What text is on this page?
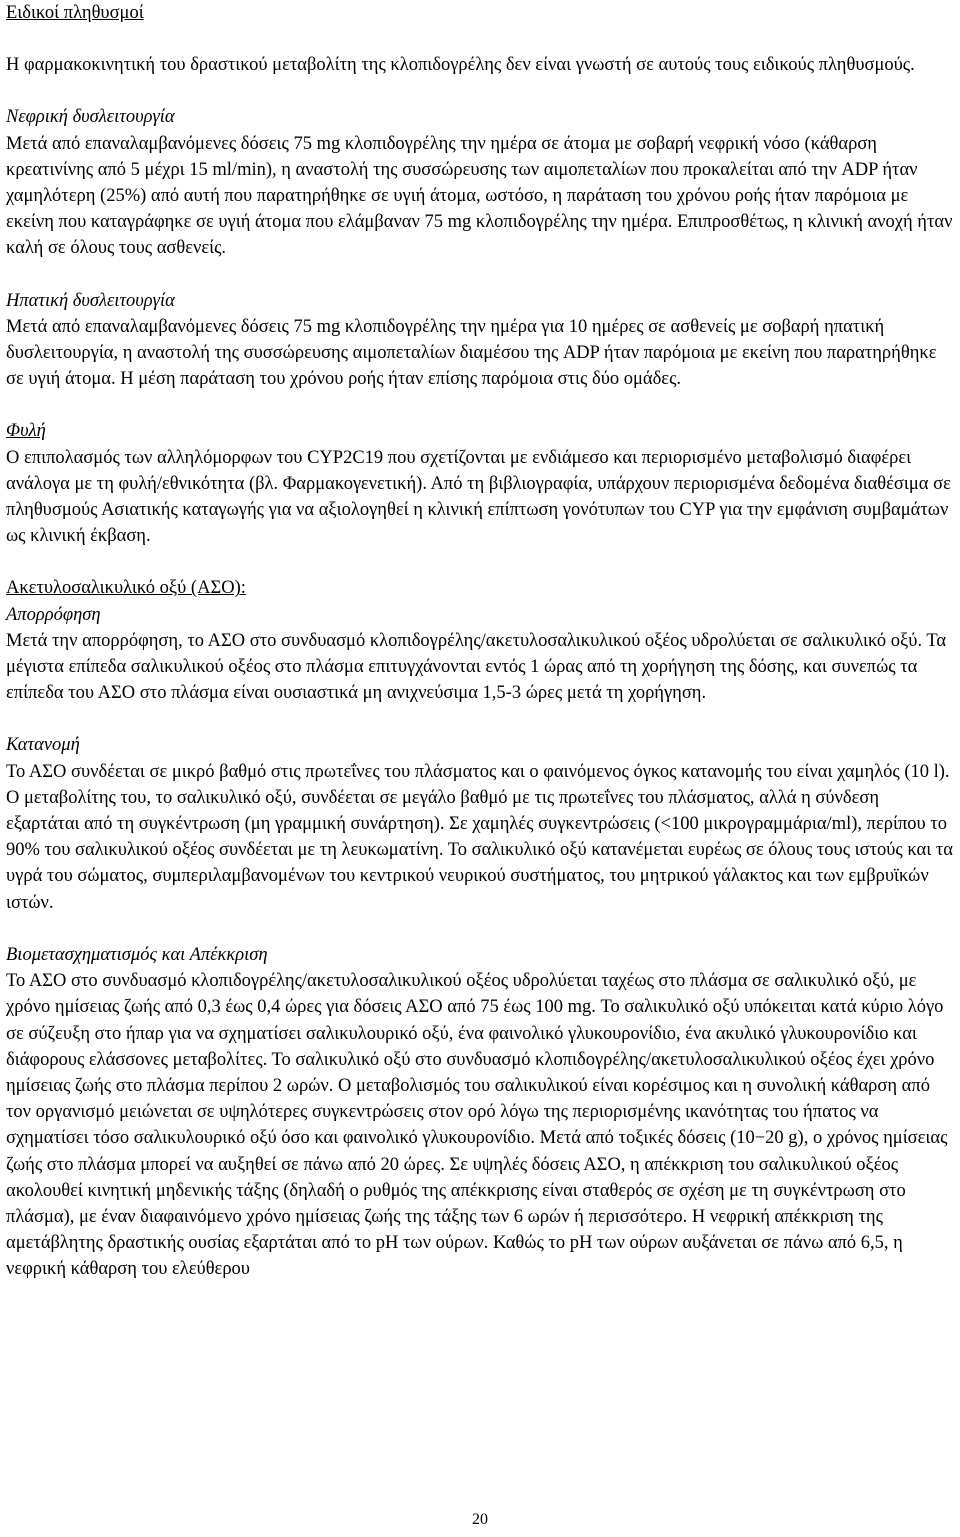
Ειδικοί πληθυσμοί
Η φαρμακοκινητική του δραστικού μεταβολίτη της κλοπιδογρέλης δεν είναι γνωστή σε αυτούς τους ειδικούς πληθυσμούς.
Νεφρική δυσλειτουργία
Μετά από επαναλαμβανόμενες δόσεις 75 mg κλοπιδογρέλης την ημέρα σε άτομα με σοβαρή νεφρική νόσο (κάθαρση κρεατινίνης από 5 μέχρι 15 ml/min), η αναστολή της συσσώρευσης των αιμοπεταλίων που προκαλείται από την ADP ήταν χαμηλότερη (25%) από αυτή που παρατηρήθηκε σε υγιή άτομα, ωστόσο, η παράταση του χρόνου ροής ήταν παρόμοια με εκείνη που καταγράφηκε σε υγιή άτομα που ελάμβαναν 75 mg κλοπιδογρέλης την ημέρα. Επιπροσθέτως, η κλινική ανοχή ήταν καλή σε όλους τους ασθενείς.
Ηπατική δυσλειτουργία
Μετά από επαναλαμβανόμενες δόσεις 75 mg κλοπιδογρέλης την ημέρα για 10 ημέρες σε ασθενείς με σοβαρή ηπατική δυσλειτουργία, η αναστολή της συσσώρευσης αιμοπεταλίων διαμέσου της ADP ήταν παρόμοια με εκείνη που παρατηρήθηκε σε υγιή άτομα. Η μέση παράταση του χρόνου ροής ήταν επίσης παρόμοια στις δύο ομάδες.
Φυλή
Ο επιπολασμός των αλληλόμορφων του CYP2C19 που σχετίζονται με ενδιάμεσο και περιορισμένο μεταβολισμό διαφέρει ανάλογα με τη φυλή/εθνικότητα (βλ. Φαρμακογενετική). Από τη βιβλιογραφία, υπάρχουν περιορισμένα δεδομένα διαθέσιμα σε πληθυσμούς Ασιατικής καταγωγής για να αξιολογηθεί η κλινική επίπτωση γονότυπων του CYP για την εμφάνιση συμβαμάτων ως κλινική έκβαση.
Ακετυλοσαλικυλικό οξύ (ΑΣΟ):
Απορρόφηση
Μετά την απορρόφηση, το ΑΣΟ στο συνδυασμό κλοπιδογρέλης/ακετυλοσαλικυλικού οξέος υδρολύεται σε σαλικυλικό οξύ. Τα μέγιστα επίπεδα σαλικυλικού οξέος στο πλάσμα επιτυγχάνονται εντός 1 ώρας από τη χορήγηση της δόσης, και συνεπώς τα επίπεδα του ΑΣΟ στο πλάσμα είναι ουσιαστικά μη ανιχνεύσιμα 1,5-3 ώρες μετά τη χορήγηση.
Κατανομή
Το ΑΣΟ συνδέεται σε μικρό βαθμό στις πρωτεΐνες του πλάσματος και ο φαινόμενος όγκος κατανομής του είναι χαμηλός (10 l). Ο μεταβολίτης του, το σαλικυλικό οξύ, συνδέεται σε μεγάλο βαθμό με τις πρωτεΐνες του πλάσματος, αλλά η σύνδεση εξαρτάται από τη συγκέντρωση (μη γραμμική συνάρτηση). Σε χαμηλές συγκεντρώσεις (<100 μικρογραμμάρια/ml), περίπου το 90% του σαλικυλικού οξέος συνδέεται με τη λευκωματίνη. Το σαλικυλικό οξύ κατανέμεται ευρέως σε όλους τους ιστούς και τα υγρά του σώματος, συμπεριλαμβανομένων του κεντρικού νευρικού συστήματος, του μητρικού γάλακτος και των εμβρυϊκών ιστών.
Βιομετασχηματισμός και Απέκκριση
Το ΑΣΟ στο συνδυασμό κλοπιδογρέλης/ακετυλοσαλικυλικού οξέος υδρολύεται ταχέως στο πλάσμα σε σαλικυλικό οξύ, με χρόνο ημίσειας ζωής από 0,3 έως 0,4 ώρες για δόσεις ΑΣΟ από 75 έως 100 mg. Το σαλικυλικό οξύ υπόκειται κατά κύριο λόγο σε σύζευξη στο ήπαρ για να σχηματίσει σαλικυλουρικό οξύ, ένα φαινολικό γλυκουρονίδιο, ένα ακυλικό γλυκουρονίδιο και διάφορους ελάσσονες μεταβολίτες. Το σαλικυλικό οξύ στο συνδυασμό κλοπιδογρέλης/ακετυλοσαλικυλικού οξέος έχει χρόνο ημίσειας ζωής στο πλάσμα περίπου 2 ωρών. Ο μεταβολισμός του σαλικυλικού είναι κορέσιμος και η συνολική κάθαρση από τον οργανισμό μειώνεται σε υψηλότερες συγκεντρώσεις στον ορό λόγω της περιορισμένης ικανότητας του ήπατος να σχηματίσει τόσο σαλικυλουρικό οξύ όσο και φαινολικό γλυκουρονίδιο. Μετά από τοξικές δόσεις (10−20 g), ο χρόνος ημίσειας ζωής στο πλάσμα μπορεί να αυξηθεί σε πάνω από 20 ώρες. Σε υψηλές δόσεις ΑΣΟ, η απέκκριση του σαλικυλικού οξέος ακολουθεί κινητική μηδενικής τάξης (δηλαδή ο ρυθμός της απέκκρισης είναι σταθερός σε σχέση με τη συγκέντρωση στο πλάσμα), με έναν διαφαινόμενο χρόνο ημίσειας ζωής της τάξης των 6 ωρών ή περισσότερο. Η νεφρική απέκκριση της αμετάβλητης δραστικής ουσίας εξαρτάται από το pH των ούρων. Καθώς το pH των ούρων αυξάνεται σε πάνω από 6,5, η νεφρική κάθαρση του ελεύθερου
20
